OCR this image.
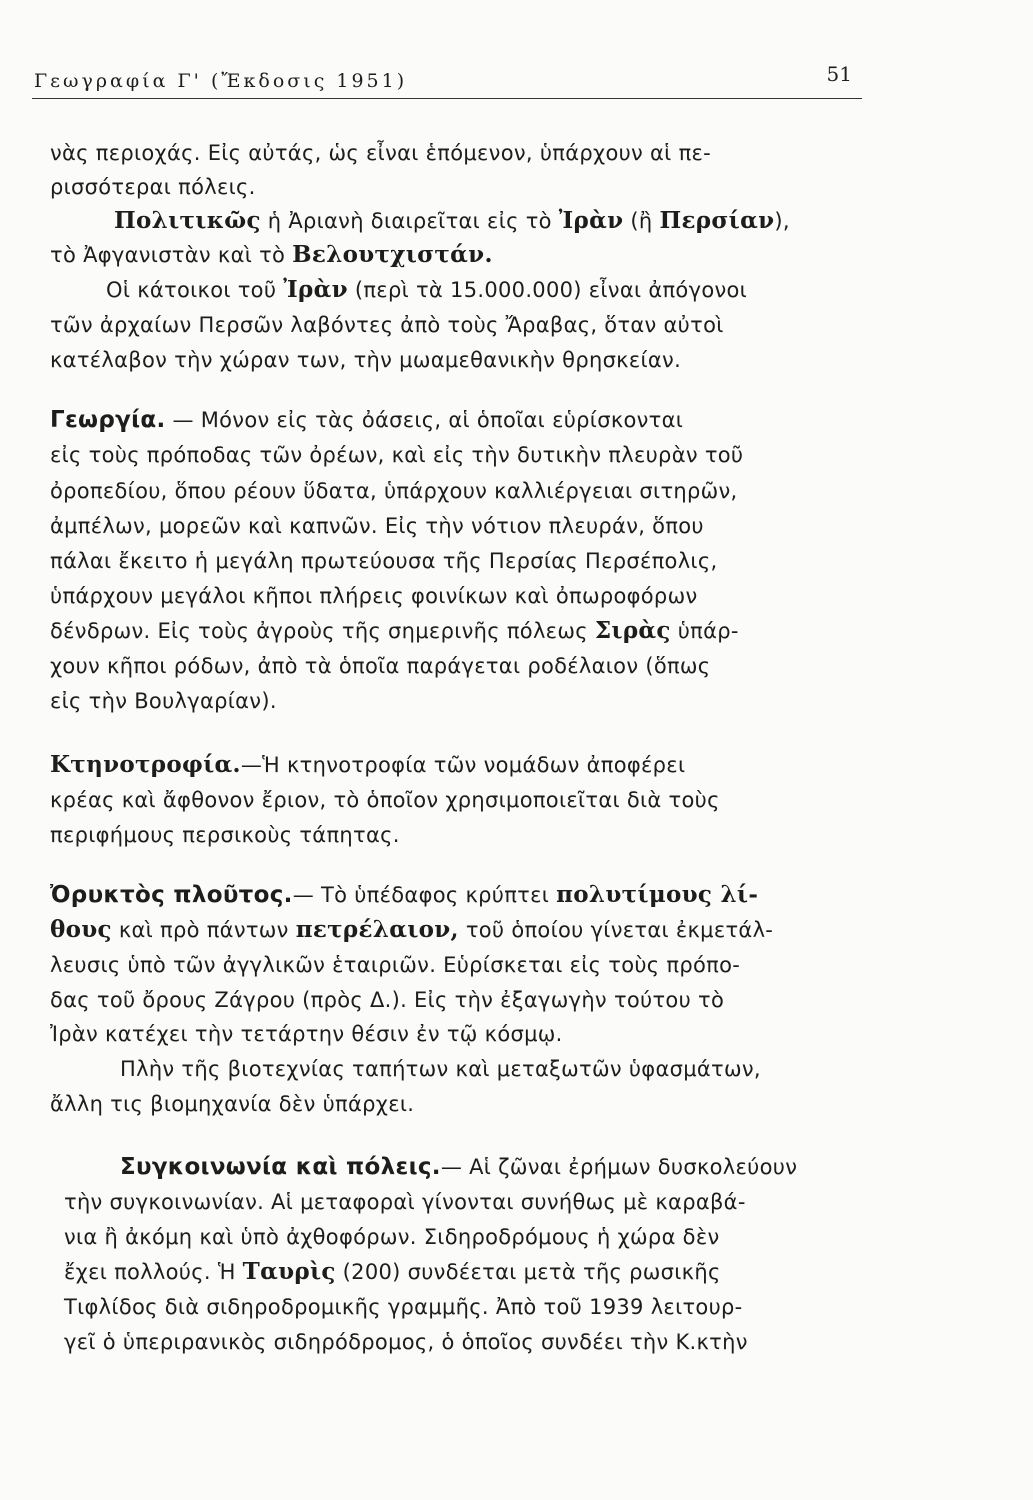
Γεωγραφία Γ' (Ἔκδοσις 1951)	51
νὰς περιοχάς. Εἰς αὐτάς, ὡς εἶναι ἑπόμενον, ὑπάρχουν αἱ πε-
ρισσότεραι πόλεις.
Πολιτικῶς ἡ Ἀριανὴ διαιρεῖται εἰς τὸ Ἰρὰν (ἢ Περσίαν),
τὸ Ἀφγανιστὰν καὶ τὸ Βελουτχιστάν.
Οἱ κάτοικοι τοῦ Ἰρὰν (περὶ τὰ 15.000.000) εἶναι ἀπόγονοι
τῶν ἀρχαίων Περσῶν λαβόντες ἀπὸ τοὺς Ἄραβας, ὅταν αὐτοὶ
κατέλαβον τὴν χώραν των, τὴν μωαμεθανικὴν θρησκείαν.
Γεωργία. — Μόνον εἰς τὰς ὀάσεις, αἱ ὁποῖαι εὑρίσκονται
εἰς τοὺς πρόποδας τῶν ὀρέων, καὶ εἰς τὴν δυτικὴν πλευρὰν τοῦ
ὀροπεδίου, ὅπου ρέουν ὕδατα, ὑπάρχουν καλλιέργειαι σιτηρῶν,
ἀμπέλων, μορεῶν καὶ καπνῶν. Εἰς τὴν νότιον πλευράν, ὅπου
πάλαι ἔκειτο ἡ μεγάλη πρωτεύουσα τῆς Περσίας Περσέπολις,
ὑπάρχουν μεγάλοι κῆποι πλήρεις φοινίκων καὶ ὀπωροφόρων
δένδρων. Εἰς τοὺς ἀγροὺς τῆς σημερινῆς πόλεως Σιρὰς ὑπάρ-
χουν κῆποι ρόδων, ἀπὸ τὰ ὁποῖα παράγεται ροδέλαιον (ὅπως
εἰς τὴν Βουλγαρίαν).
Κτηνοτροφία.—Ἡ κτηνοτροφία τῶν νομάδων ἀποφέρει
κρέας καὶ ἄφθονον ἔριον, τὸ ὁποῖον χρησιμοποιεῖται διὰ τοὺς
περιφήμους περσικοὺς τάπητας.
Ὀρυκτὸς πλοῦτος.— Τὸ ὑπέδαφος κρύπτει πολυτίμους λί-
θους καὶ πρὸ πάντων πετρέλαιον, τοῦ ὁποίου γίνεται ἐκμετάλ-
λευσις ὑπὸ τῶν ἀγγλικῶν ἑταιριῶν. Εὑρίσκεται εἰς τοὺς πρόπο-
δας τοῦ ὄρους Ζάγρου (πρὸς Δ.). Εἰς τὴν ἐξαγωγὴν τούτου τὸ
Ἰρὰν κατέχει τὴν τετάρτην θέσιν ἐν τῷ κόσμῳ.
Πλὴν τῆς βιοτεχνίας ταπήτων καὶ μεταξωτῶν ὑφασμάτων,
ἄλλη τις βιομηχανία δὲν ὑπάρχει.
Συγκοινωνία καὶ πόλεις.— Αἱ ζῶναι ἐρήμων δυσκολεύουν
τὴν συγκοινωνίαν. Αἱ μεταφοραὶ γίνονται συνήθως μὲ καραβά-
νια ἢ ἀκόμη καὶ ὑπὸ ἀχθοφόρων. Σιδηροδρόμους ἡ χώρα δὲν
ἔχει πολλούς. Ἡ Ταυρὶς (200) συνδέεται μετὰ τῆς ρωσικῆς
Τιφλίδος διὰ σιδηροδρομικῆς γραμμῆς. Ἀπὸ τοῦ 1939 λειτουρ-
γεῖ ὁ ὑπεριρανικὸς σιδηρόδρομος, ὁ ὁποῖος συνδέει τὴν Κ.κτὴν
